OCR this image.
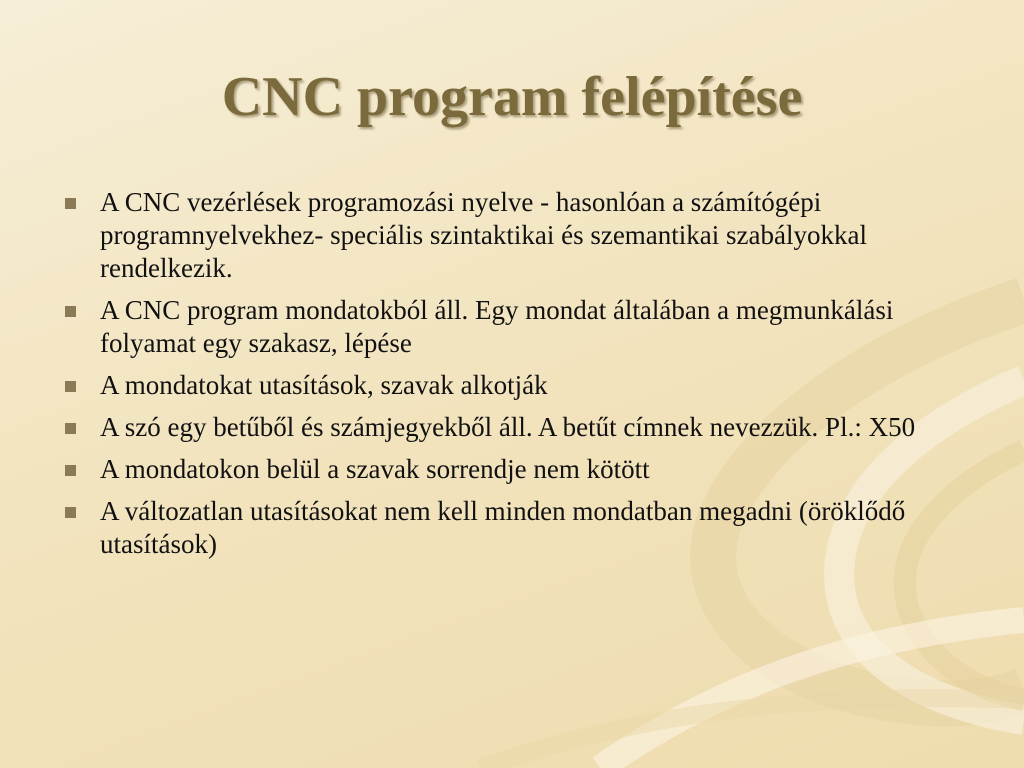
CNC program felépítése
A CNC vezérlések programozási nyelve - hasonlóan a számítógépi programnyelvekhez- speciális szintaktikai és szemantikai szabályokkal rendelkezik.
A CNC program mondatokból áll. Egy mondat általában a megmunkálási folyamat egy szakasz, lépése
A mondatokat utasítások, szavak alkotják
A szó egy betűből és számjegyekből áll. A betűt címnek nevezzük. Pl.: X50
A mondatokon belül a szavak sorrendje nem kötött
A változatlan utasításokat nem kell minden mondatban megadni (öröklődő utasítások)
